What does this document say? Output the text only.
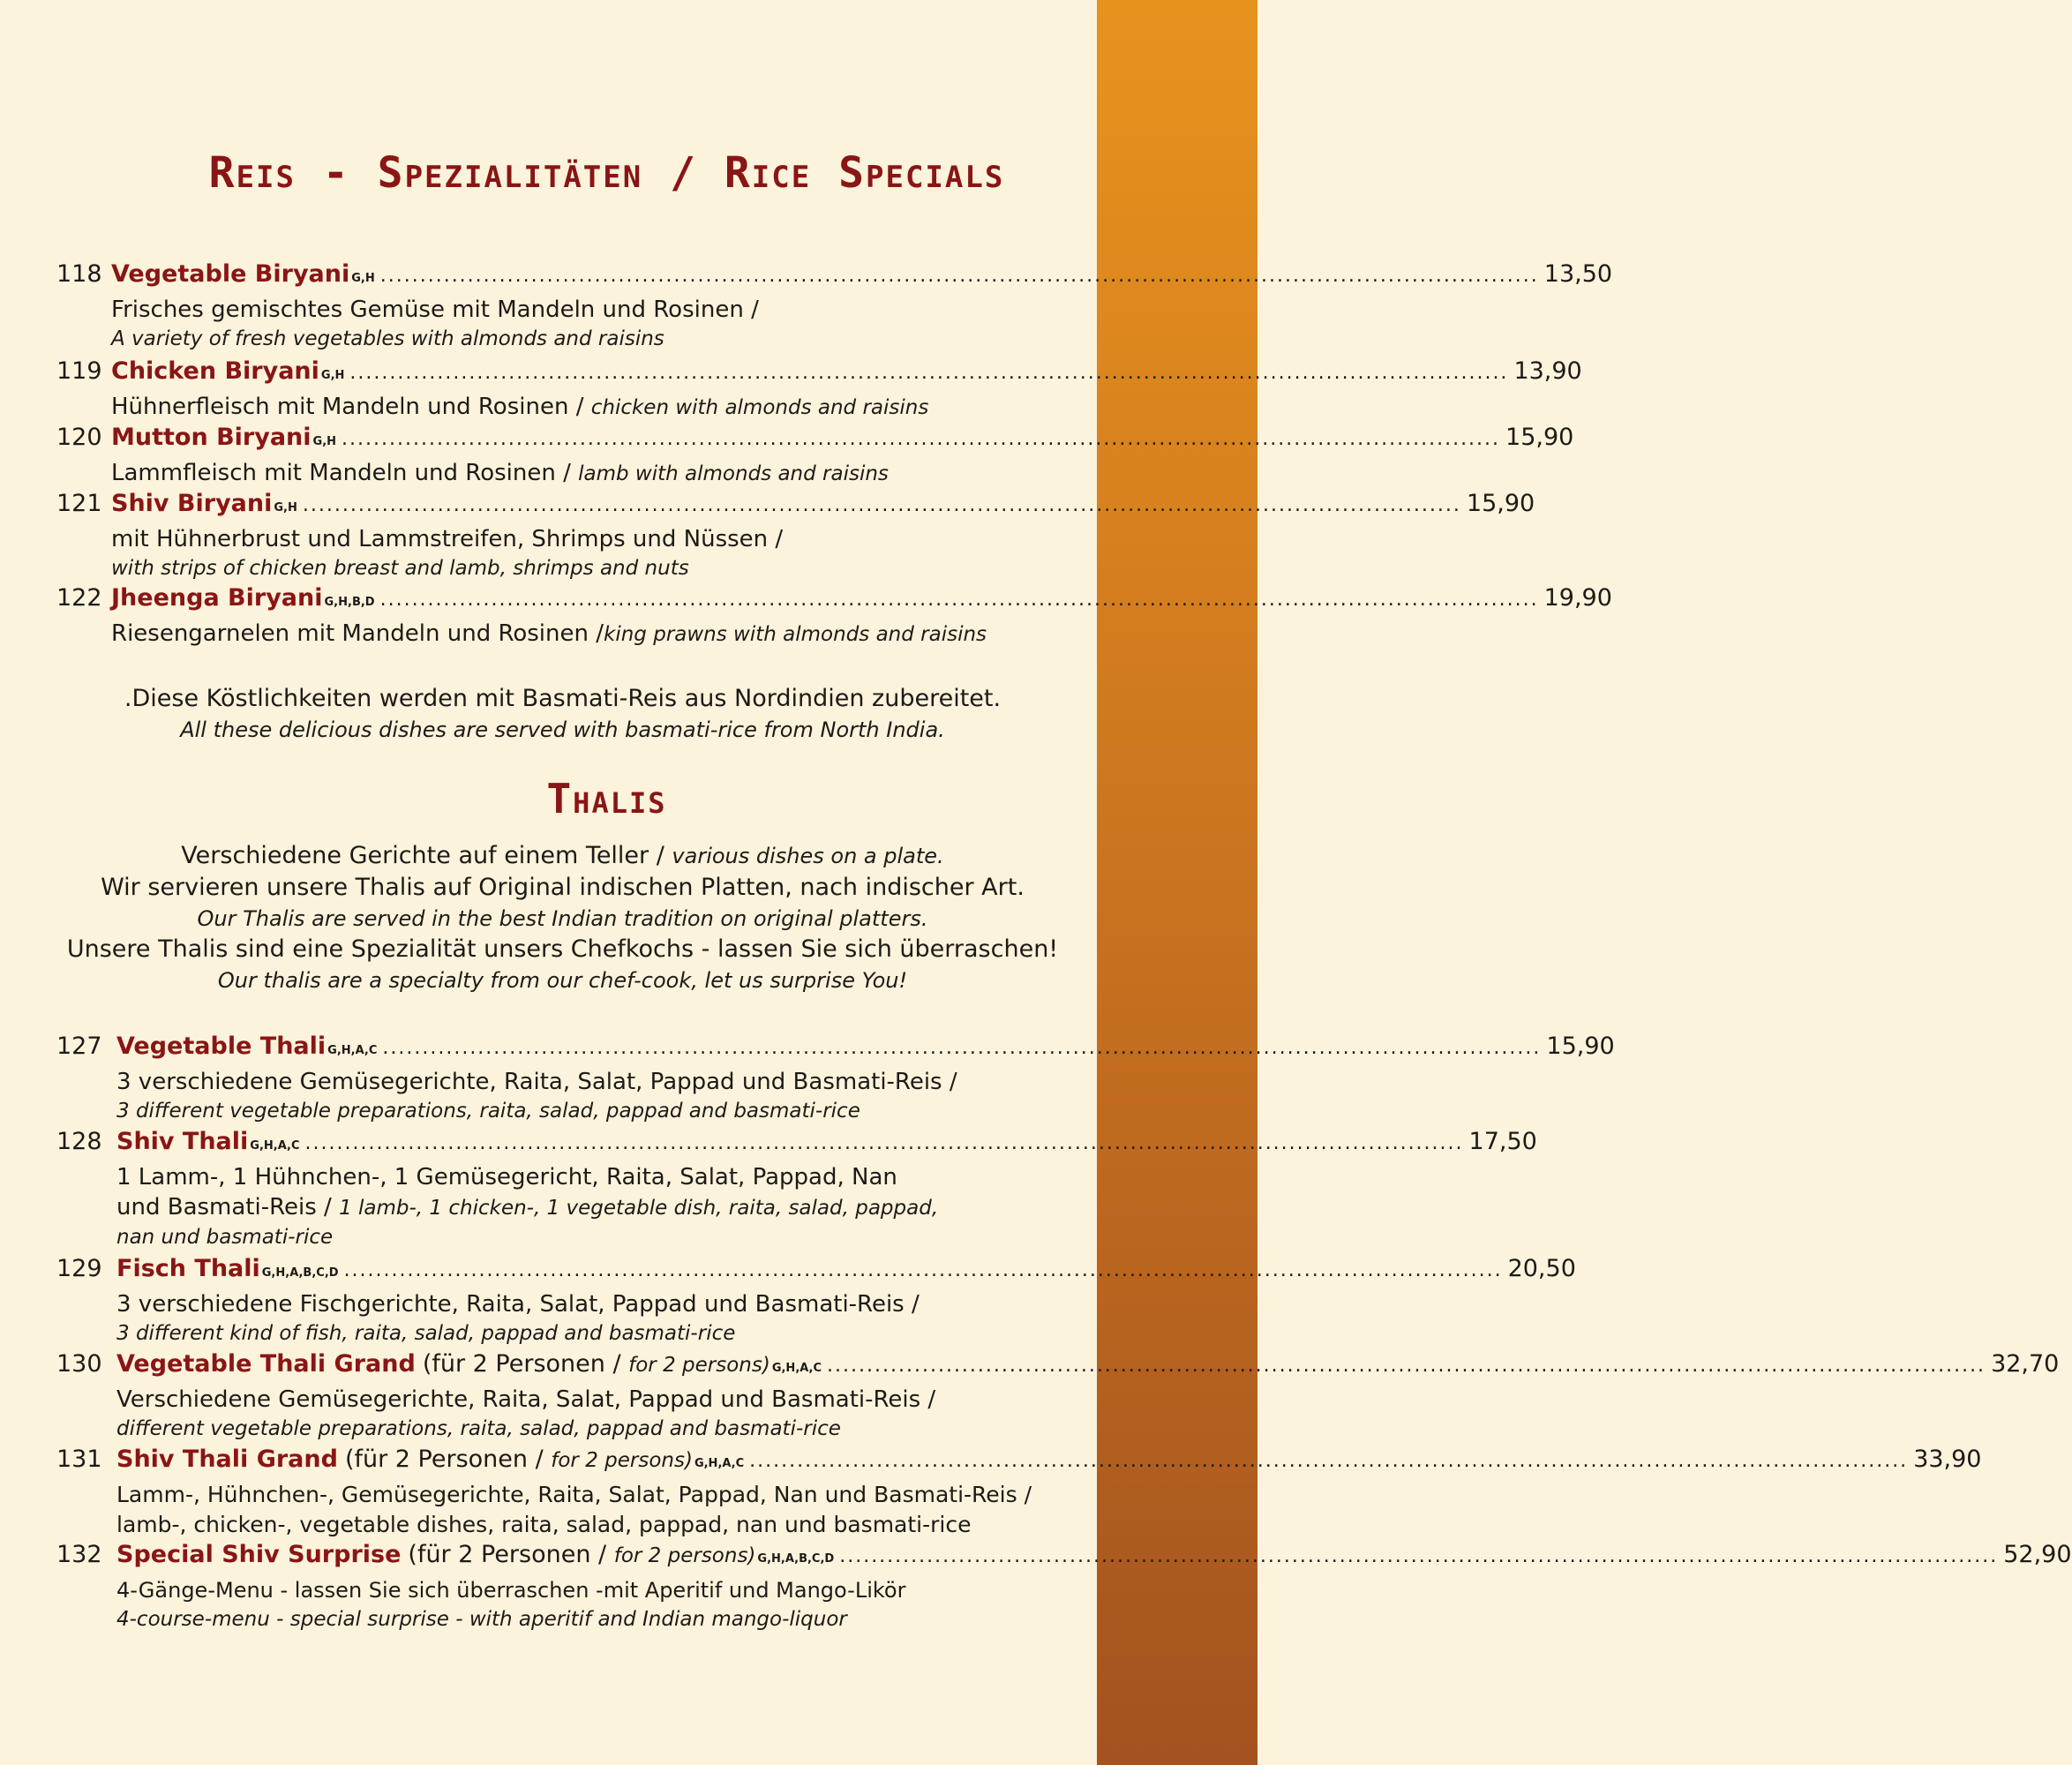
Reis - Spezialitäten / Rice Specials
118 Vegetable Biryani G,H .................................................................................................................................................. 13,50
Frisches gemischtes Gemüse mit Mandeln und Rosinen /
A variety of fresh vegetables with almonds and raisins
119 Chicken Biryani G,H .................................................................................................................................................. 13,90
Hühnerfleisch mit Mandeln und Rosinen / chicken with almonds and raisins
120 Mutton Biryani G,H .................................................................................................................................................. 15,90
Lammfleisch mit Mandeln und Rosinen / lamb with almonds and raisins
121 Shiv Biryani G,H .................................................................................................................................................. 15,90
mit Hühnerbrust und Lammstreifen, Shrimps und Nüssen /
with strips of chicken breast and lamb, shrimps and nuts
122 Jheenga Biryani G,H,B,D .................................................................................................................................................. 19,90
Riesengarnelen mit Mandeln und Rosinen /king prawns with almonds and raisins
.Diese Köstlichkeiten werden mit Basmati-Reis aus Nordindien zubereitet.
All these delicious dishes are served with basmati-rice from North India.
Thalis
Verschiedene Gerichte auf einem Teller / various dishes on a plate.
Wir servieren unsere Thalis auf Original indischen Platten, nach indischer Art.
Our Thalis are served in the best Indian tradition on original platters.
Unsere Thalis sind eine Spezialität unsers Chefkochs - lassen Sie sich überraschen!
Our thalis are a specialty from our chef-cook, let us surprise You!
127 Vegetable Thali G,H,A,C .................................................................................................................................................. 15,90
3 verschiedene Gemüsegerichte, Raita, Salat, Pappad und Basmati-Reis /
3 different vegetable preparations, raita, salad, pappad and basmati-rice
128 Shiv Thali G,H,A,C .................................................................................................................................................. 17,50
1 Lamm-, 1 Hühnchen-, 1 Gemüsegericht, Raita, Salat, Pappad, Nan
und Basmati-Reis / 1 lamb-, 1 chicken-, 1 vegetable dish, raita, salad, pappad,
nan und basmati-rice
129 Fisch Thali G,H,A,B,C,D .................................................................................................................................................. 20,50
3 verschiedene Fischgerichte, Raita, Salat, Pappad und Basmati-Reis /
3 different kind of fish, raita, salad, pappad and basmati-rice
130 Vegetable Thali Grand (für 2 Personen / for 2 persons) G,H,A,C .................................................................................................................................................. 32,70
Verschiedene Gemüsegerichte, Raita, Salat, Pappad und Basmati-Reis /
different vegetable preparations, raita, salad, pappad and basmati-rice
131 Shiv Thali Grand (für 2 Personen / for 2 persons) G,H,A,C .................................................................................................................................................. 33,90
Lamm-, Hühnchen-, Gemüsegerichte, Raita, Salat, Pappad, Nan und Basmati-Reis /
lamb-, chicken-, vegetable dishes, raita, salad, pappad, nan und basmati-rice
132 Special Shiv Surprise (für 2 Personen / for 2 persons) G,H,A,B,C,D .................................................................................................................................................. 52,90
4-Gänge-Menu - lassen Sie sich überraschen -mit Aperitif und Mango-Likör
4-course-menu - special surprise - with aperitif and Indian mango-liquor
